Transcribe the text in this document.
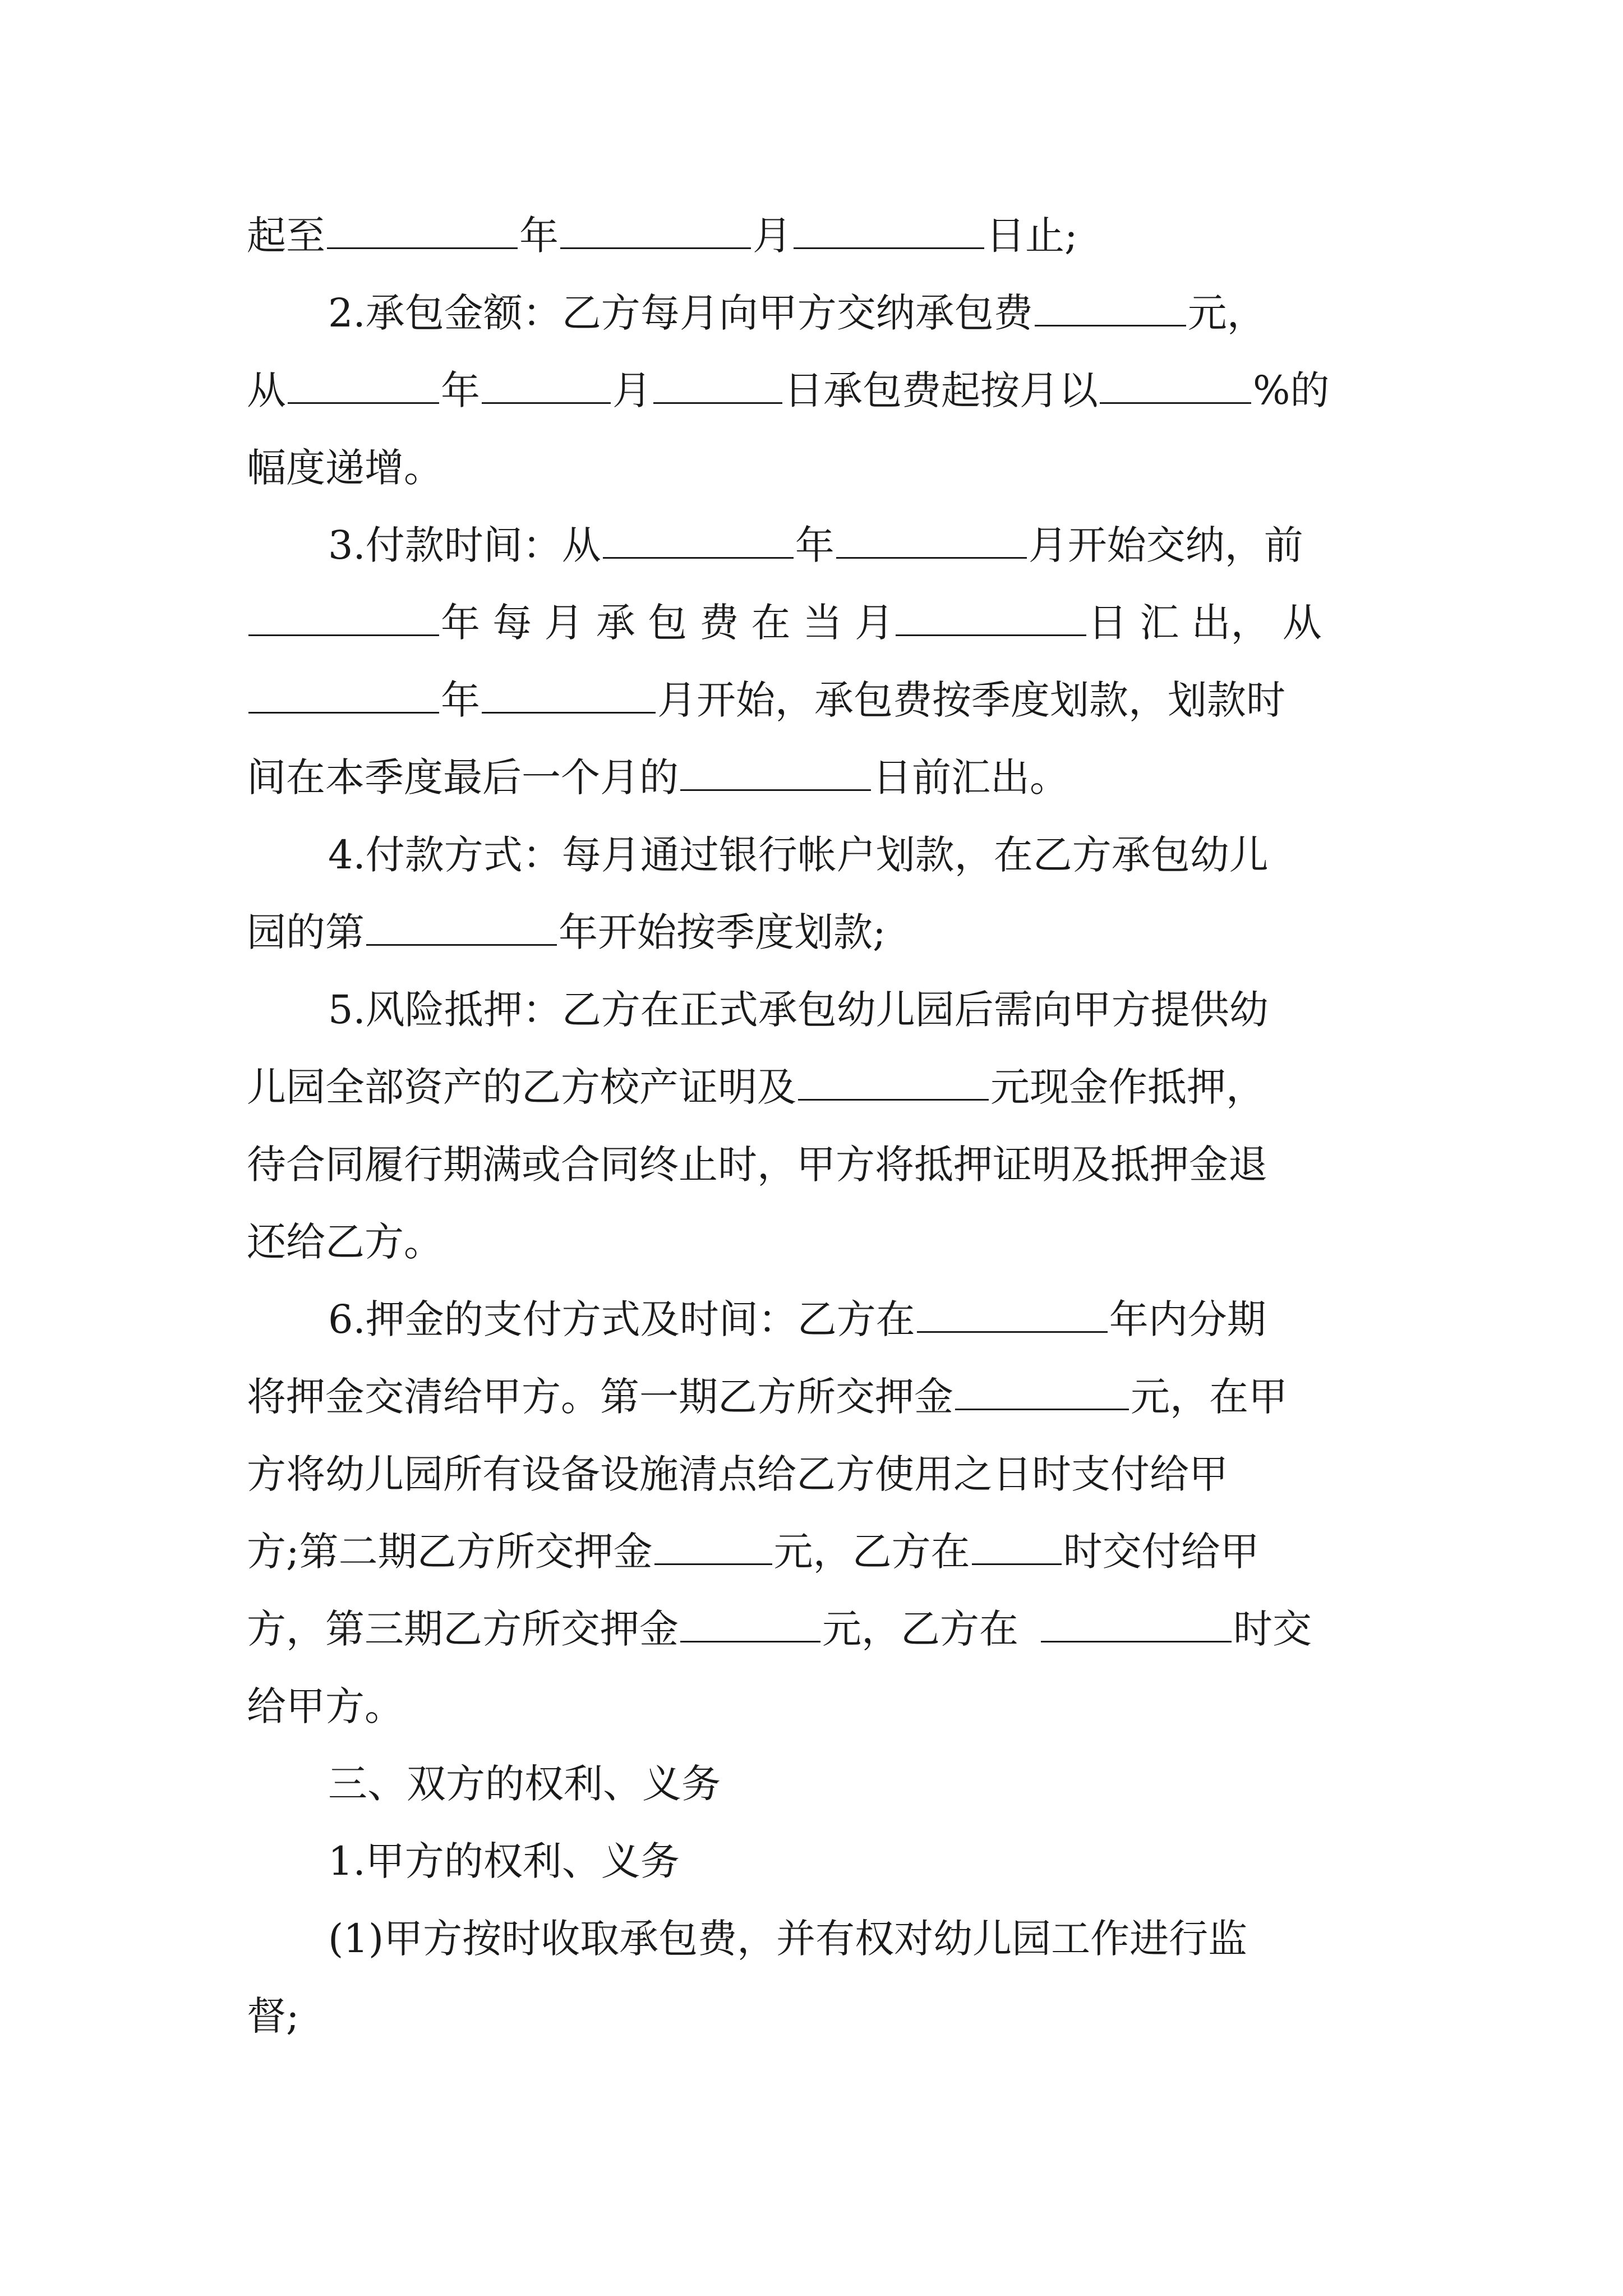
起至	年	月	日止;
2.承包金额：乙方每月向甲方交纳承包费	元，
从	年	月	日承包费起按月以	%的
幅度递增。
3.付款时间：从	年	月开始交纳，前
年 每 月 承 包 费 在 当 月	日 汇 出， 从
年	月开始，承包费按季度划款，划款时
间在本季度最后一个月的	日前汇出。
4.付款方式：每月通过银行帐户划款，在乙方承包幼儿
园的第	年开始按季度划款;
5.风险抵押：乙方在正式承包幼儿园后需向甲方提供幼
儿园全部资产的乙方校产证明及	元现金作抵押，
待合同履行期满或合同终止时，甲方将抵押证明及抵押金退
还给乙方。
6.押金的支付方式及时间：乙方在	年内分期
将押金交清给甲方。第一期乙方所交押金	元，在甲
方将幼儿园所有设备设施清点给乙方使用之日时支付给甲
方;第二期乙方所交押金	元，乙方在 时交付给甲
方，第三期乙方所交押金	元，乙方在	时交
给甲方。
三、双方的权利、义务
1.甲方的权利、义务
(1)甲方按时收取承包费，并有权对幼儿园工作进行监
督;
